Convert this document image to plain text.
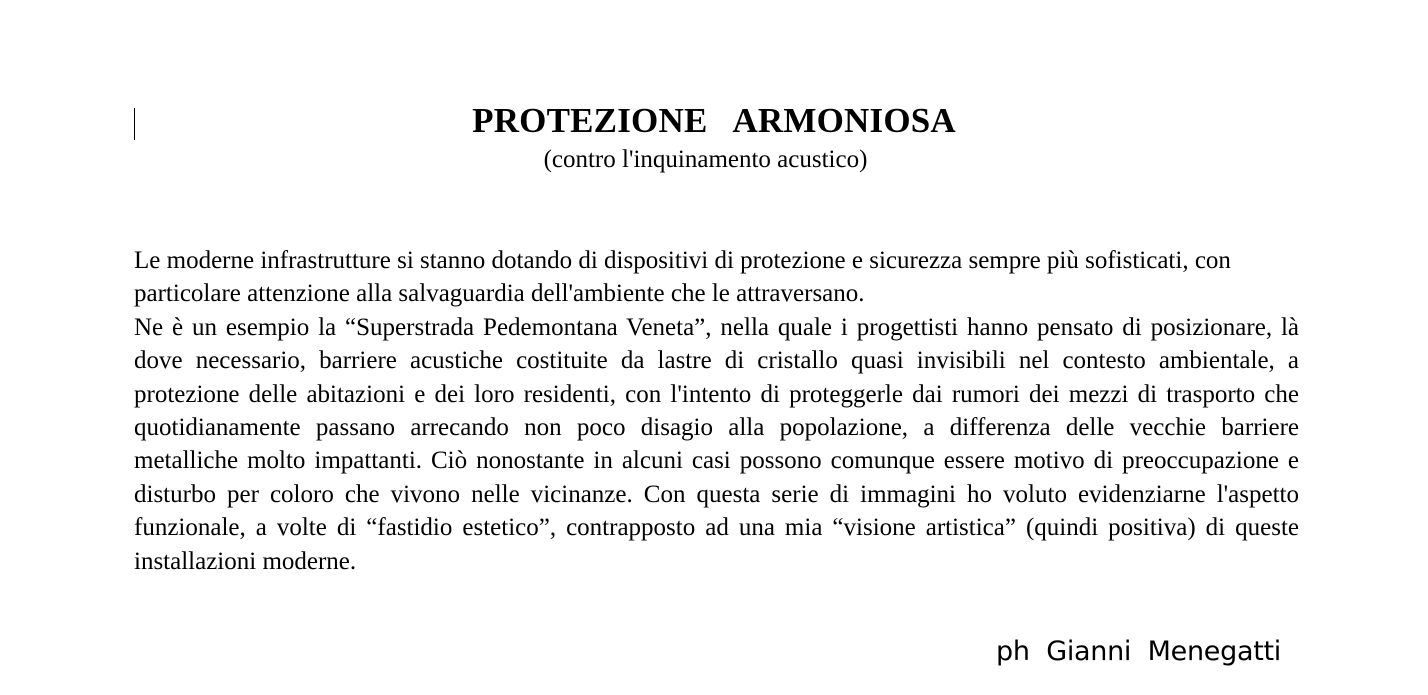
PROTEZIONE   ARMONIOSA
(contro l'inquinamento acustico)

Le moderne infrastrutture si stanno dotando di dispositivi di protezione e sicurezza sempre più sofisticati, con particolare attenzione alla salvaguardia dell'ambiente che le attraversano.

Ne è un esempio la “Superstrada Pedemontana Veneta”, nella quale i progettisti hanno pensato di posizionare, là dove necessario, barriere acustiche costituite da lastre di cristallo quasi invisibili nel contesto ambientale, a protezione delle abitazioni e dei loro residenti, con l'intento di proteggerle dai rumori dei mezzi di trasporto che quotidianamente passano arrecando non poco disagio alla popolazione, a differenza delle vecchie barriere metalliche molto impattanti. Ciò nonostante in alcuni casi possono comunque essere motivo di preoccupazione e disturbo per coloro che vivono nelle vicinanze. Con questa serie di immagini ho voluto evidenziarne l'aspetto funzionale, a volte di “fastidio estetico”, contrapposto ad una mia “visione artistica” (quindi positiva) di queste installazioni moderne.

ph  Gianni  Menegatti
